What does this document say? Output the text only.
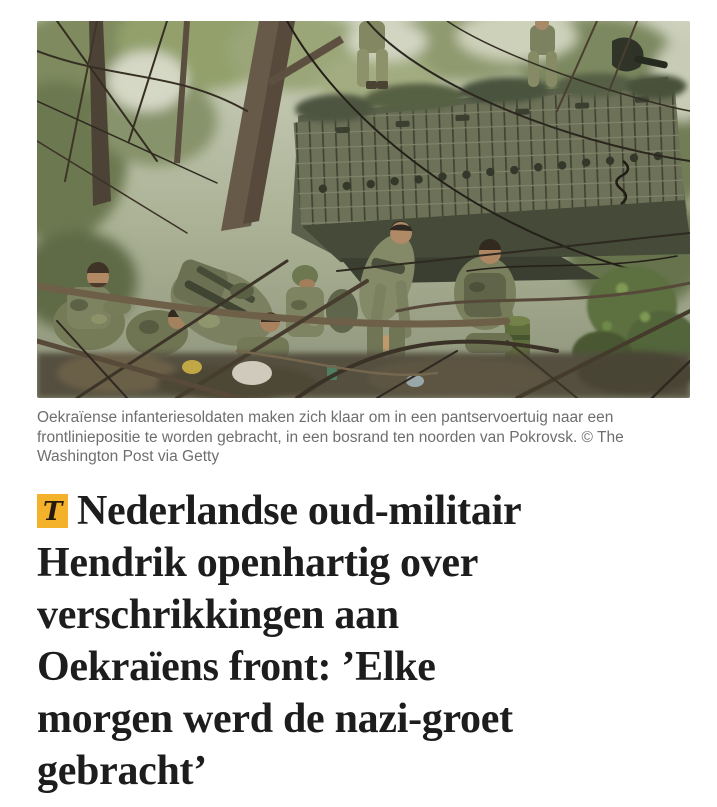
Oekraïense infanteriesoldaten maken zich klaar om in een pantservoertuig naar een frontliniepositie te worden gebracht, in een bosrand ten noorden van Pokrovsk. © The Washington Post via Getty

T Nederlandse oud-militair
Hendrik openhartig over
verschrikkingen aan
Oekraïens front: ’Elke
morgen werd de nazi-groet
gebracht’
